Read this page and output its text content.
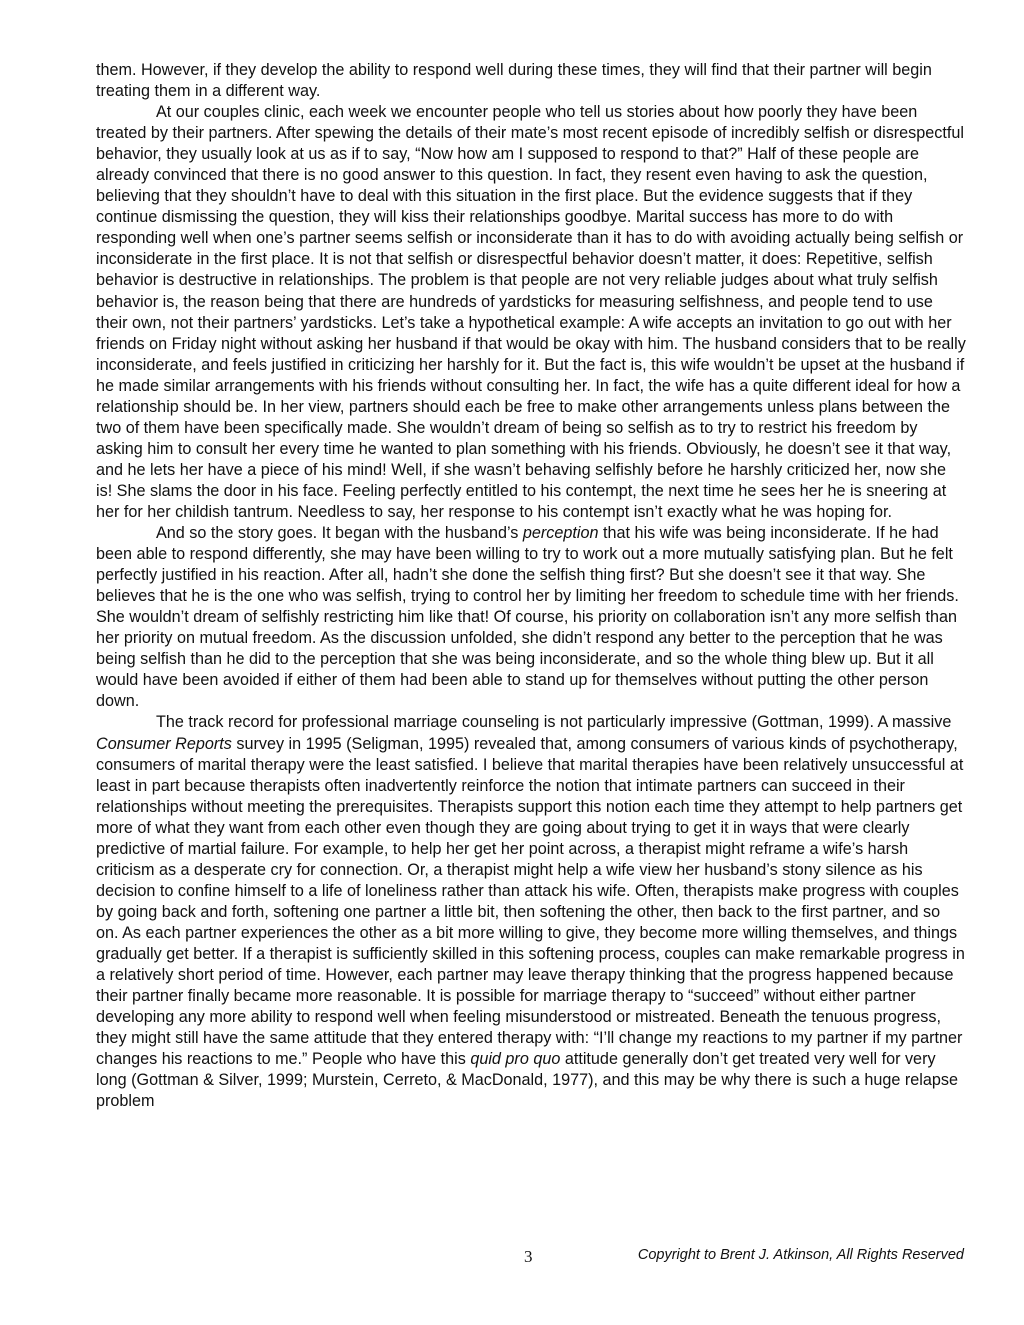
them. However, if they develop the ability to respond well during these times, they will find that their partner will begin treating them in a different way.

At our couples clinic, each week we encounter people who tell us stories about how poorly they have been treated by their partners. After spewing the details of their mate’s most recent episode of incredibly selfish or disrespectful behavior, they usually look at us as if to say, “Now how am I supposed to respond to that?” Half of these people are already convinced that there is no good answer to this question. In fact, they resent even having to ask the question, believing that they shouldn’t have to deal with this situation in the first place. But the evidence suggests that if they continue dismissing the question, they will kiss their relationships goodbye. Marital success has more to do with responding well when one’s partner seems selfish or inconsiderate than it has to do with avoiding actually being selfish or inconsiderate in the first place. It is not that selfish or disrespectful behavior doesn’t matter, it does: Repetitive, selfish behavior is destructive in relationships. The problem is that people are not very reliable judges about what truly selfish behavior is, the reason being that there are hundreds of yardsticks for measuring selfishness, and people tend to use their own, not their partners’ yardsticks. Let’s take a hypothetical example: A wife accepts an invitation to go out with her friends on Friday night without asking her husband if that would be okay with him. The husband considers that to be really inconsiderate, and feels justified in criticizing her harshly for it. But the fact is, this wife wouldn’t be upset at the husband if he made similar arrangements with his friends without consulting her. In fact, the wife has a quite different ideal for how a relationship should be. In her view, partners should each be free to make other arrangements unless plans between the two of them have been specifically made. She wouldn’t dream of being so selfish as to try to restrict his freedom by asking him to consult her every time he wanted to plan something with his friends. Obviously, he doesn’t see it that way, and he lets her have a piece of his mind! Well, if she wasn’t behaving selfishly before he harshly criticized her, now she is! She slams the door in his face. Feeling perfectly entitled to his contempt, the next time he sees her he is sneering at her for her childish tantrum. Needless to say, her response to his contempt isn’t exactly what he was hoping for.

And so the story goes. It began with the husband’s perception that his wife was being inconsiderate. If he had been able to respond differently, she may have been willing to try to work out a more mutually satisfying plan. But he felt perfectly justified in his reaction. After all, hadn’t she done the selfish thing first? But she doesn’t see it that way. She believes that he is the one who was selfish, trying to control her by limiting her freedom to schedule time with her friends. She wouldn’t dream of selfishly restricting him like that! Of course, his priority on collaboration isn’t any more selfish than her priority on mutual freedom. As the discussion unfolded, she didn’t respond any better to the perception that he was being selfish than he did to the perception that she was being inconsiderate, and so the whole thing blew up. But it all would have been avoided if either of them had been able to stand up for themselves without putting the other person down.

The track record for professional marriage counseling is not particularly impressive (Gottman, 1999). A massive Consumer Reports survey in 1995 (Seligman, 1995) revealed that, among consumers of various kinds of psychotherapy, consumers of marital therapy were the least satisfied. I believe that marital therapies have been relatively unsuccessful at least in part because therapists often inadvertently reinforce the notion that intimate partners can succeed in their relationships without meeting the prerequisites. Therapists support this notion each time they attempt to help partners get more of what they want from each other even though they are going about trying to get it in ways that were clearly predictive of martial failure. For example, to help her get her point across, a therapist might reframe a wife’s harsh criticism as a desperate cry for connection. Or, a therapist might help a wife view her husband’s stony silence as his decision to confine himself to a life of loneliness rather than attack his wife. Often, therapists make progress with couples by going back and forth, softening one partner a little bit, then softening the other, then back to the first partner, and so on. As each partner experiences the other as a bit more willing to give, they become more willing themselves, and things gradually get better. If a therapist is sufficiently skilled in this softening process, couples can make remarkable progress in a relatively short period of time. However, each partner may leave therapy thinking that the progress happened because their partner finally became more reasonable. It is possible for marriage therapy to “succeed” without either partner developing any more ability to respond well when feeling misunderstood or mistreated. Beneath the tenuous progress, they might still have the same attitude that they entered therapy with: “I’ll change my reactions to my partner if my partner changes his reactions to me.” People who have this quid pro quo attitude generally don’t get treated very well for very long (Gottman & Silver, 1999; Murstein, Cerreto, & MacDonald, 1977), and this may be why there is such a huge relapse problem

3	Copyright to Brent J. Atkinson, All Rights Reserved
